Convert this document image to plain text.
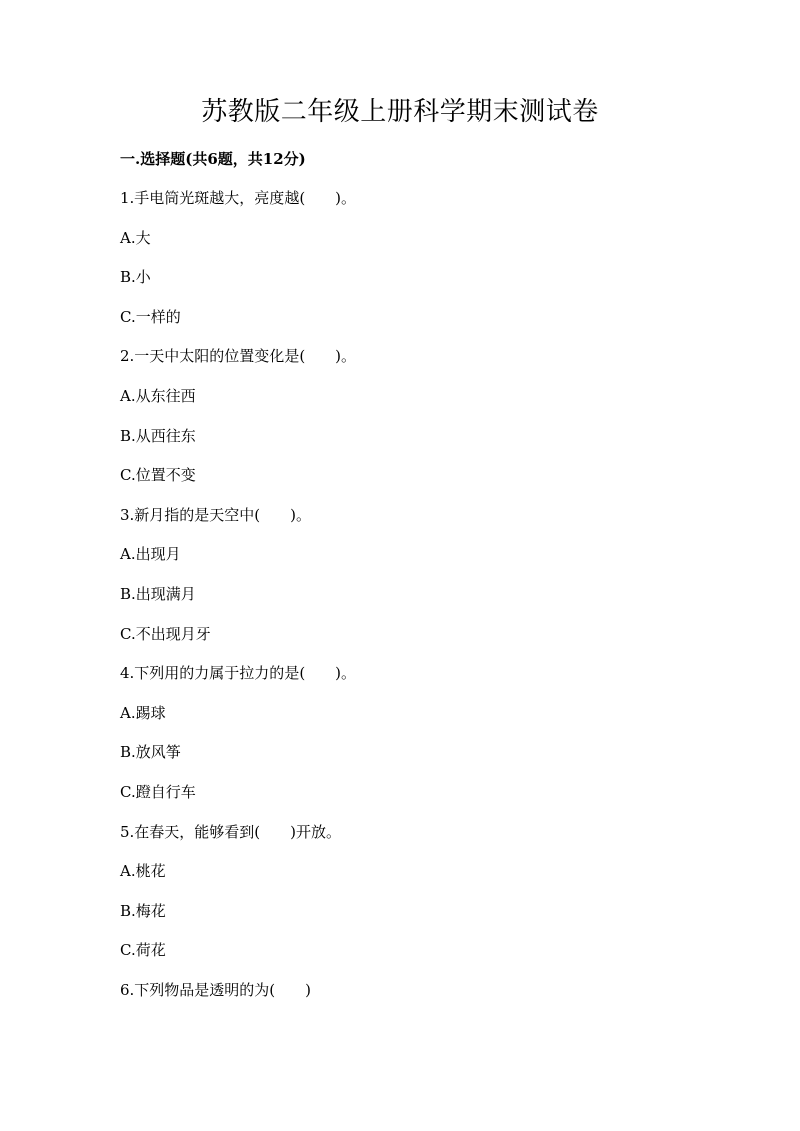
苏教版二年级上册科学期末测试卷
一.选择题(共6题，共12分)
1.手电筒光斑越大，亮度越(　　)。
A.大
B.小
C.一样的
2.一天中太阳的位置变化是(　　)。
A.从东往西
B.从西往东
C.位置不变
3.新月指的是天空中(　　)。
A.出现月
B.出现满月
C.不出现月牙
4.下列用的力属于拉力的是(　　)。
A.踢球
B.放风筝
C.蹬自行车
5.在春天，能够看到(　　)开放。
A.桃花
B.梅花
C.荷花
6.下列物品是透明的为(　　)
